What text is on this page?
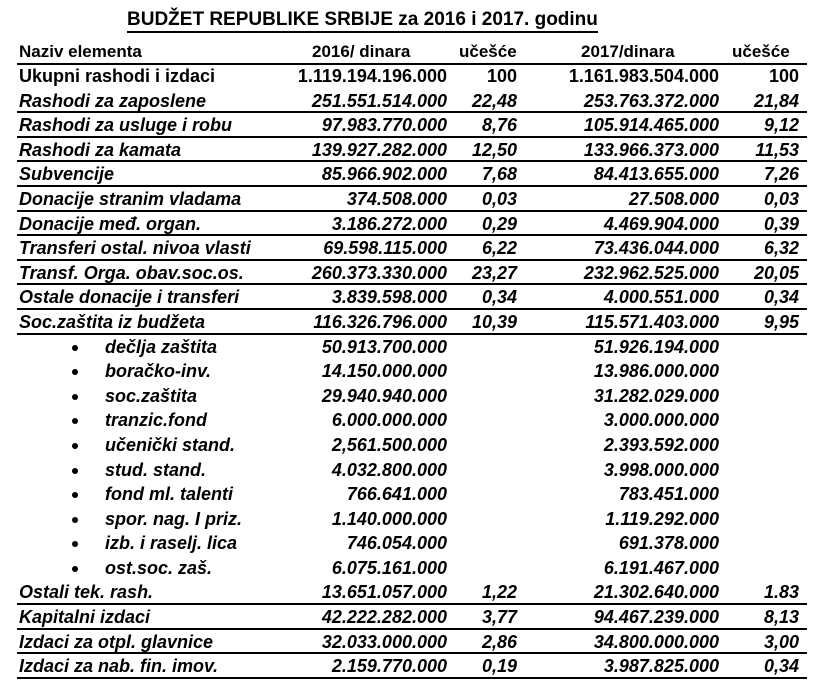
BUDŽET REPUBLIKE SRBIJE za 2016 i 2017. godinu
Naziv elementa	2016/ dinara	učešće	2017/dinara	učešće
Ukupni rashodi i izdaci	1.119.194.196.000 100	1.161.983.504.000	100
Rashodi za zaposlene	251.551.514.000 22,48	253.763.372.000 21,84
Rashodi za usluge i robu	97.983.770.000 8,76	105.914.465.000 9,12
Rashodi za kamata	139.927.282.000 12,50	133.966.373.000 11,53
Subvencije	85.966.902.000 7,68	84.413.655.000 7,26
Donacije stranim vladama	374.508.000 0,03	27.508.000 0,03
Donacije međ. organ.	3.186.272.000 0,29	4.469.904.000 0,39
Transferi ostal. nivoa vlasti	69.598.115.000 6,22	73.436.044.000 6,32
Transf. Orga. obav.soc.os.	260.373.330.000 23,27	232.962.525.000 20,05
Ostale donacije i transferi	3.839.598.000 0,34	4.000.551.000 0,34
Soc.zaštita iz budžeta	116.326.796.000 10,39	115.571.403.000 9,95
dečlja zaštita	50.913.700.000	51.926.194.000
boračko-inv.	14.150.000.000	13.986.000.000
soc.zaštita	29.940.940.000	31.282.029.000
tranzic.fond	6.000.000.000	3.000.000.000
učenički stand.	2,561.500.000	2.393.592.000
stud. stand.	4.032.800.000	3.998.000.000
fond ml. talenti	766.641.000	783.451.000
spor. nag. I priz.	1.140.000.000	1.119.292.000
izb. i raselj. lica	746.054.000	691.378.000
ost.soc. zaš.	6.075.161.000	6.191.467.000
Ostali tek. rash.	13.651.057.000 1,22	21.302.640.000 1.83
Kapitalni izdaci	42.222.282.000 3,77	94.467.239.000 8,13
Izdaci za otpl. glavnice	32.033.000.000 2,86	34.800.000.000 3,00
Izdaci za nab. fin. imov.	2.159.770.000 0,19	3.987.825.000 0,34
